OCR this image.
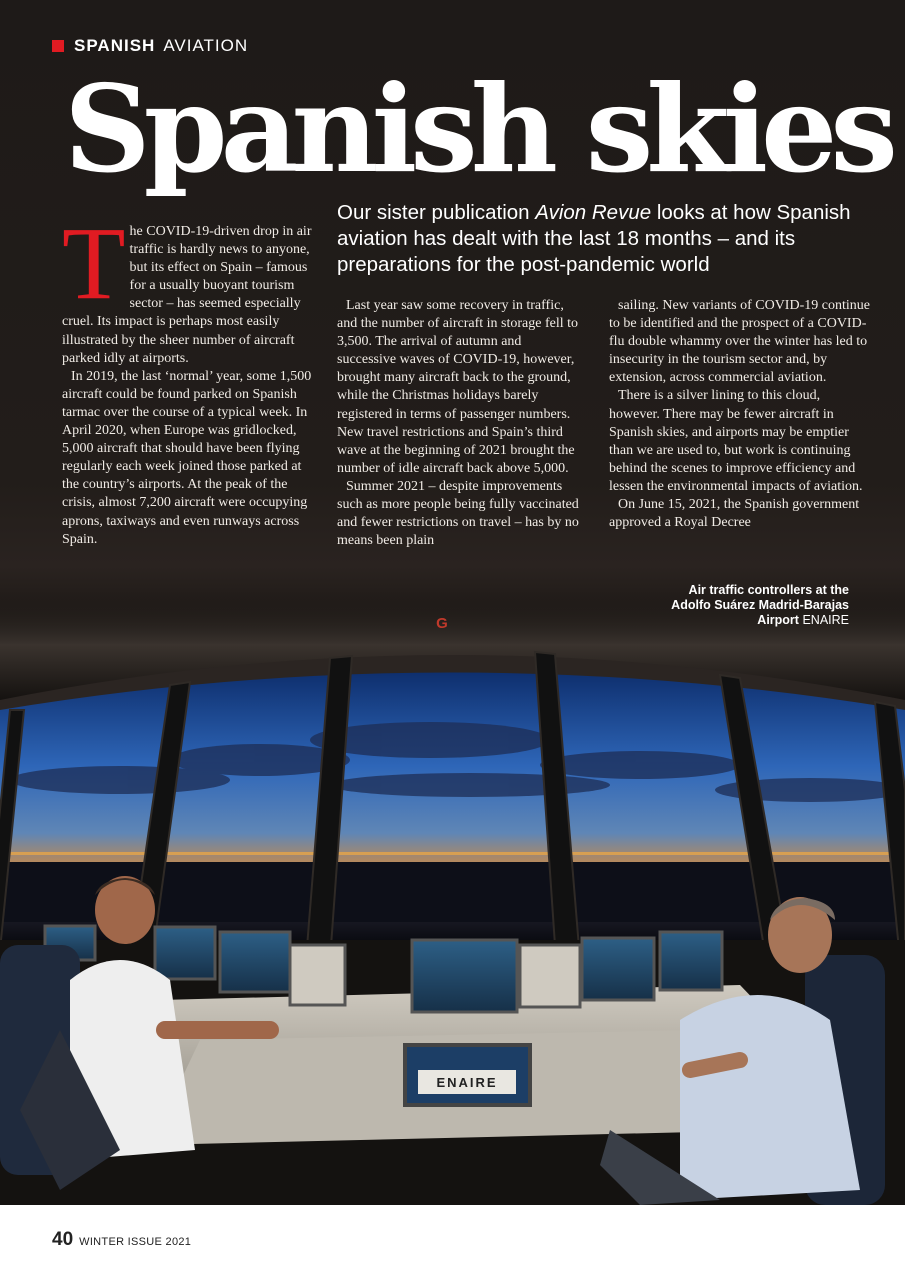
SPANISH AVIATION
Spanish skies
Our sister publication Avion Revue looks at how Spanish aviation has dealt with the last 18 months – and its preparations for the post-pandemic world

The COVID-19-driven drop in air traffic is hardly news to anyone, but its effect on Spain – famous for a usually buoyant tourism sector – has seemed especially cruel. Its impact is perhaps most easily illustrated by the sheer number of aircraft parked idly at airports.

In 2019, the last ‘normal’ year, some 1,500 aircraft could be found parked on Spanish tarmac over the course of a typical week. In April 2020, when Europe was gridlocked, 5,000 aircraft that should have been flying regularly each week joined those parked at the country’s airports. At the peak of the crisis, almost 7,200 aircraft were occupying aprons, taxiways and even runways across Spain.

Last year saw some recovery in traffic, and the number of aircraft in storage fell to 3,500. The arrival of autumn and successive waves of COVID-19, however, brought many aircraft back to the ground, while the Christmas holidays barely registered in terms of passenger numbers. New travel restrictions and Spain’s third wave at the beginning of 2021 brought the number of idle aircraft back above 5,000.

Summer 2021 – despite improvements such as more people being fully vaccinated and fewer restrictions on travel – has by no means been plain

sailing. New variants of COVID-19 continue to be identified and the prospect of a COVID-flu double whammy over the winter has led to insecurity in the tourism sector and, by extension, across commercial aviation.

There is a silver lining to this cloud, however. There may be fewer aircraft in Spanish skies, and airports may be emptier than we are used to, but work is continuing behind the scenes to improve efficiency and lessen the environmental impacts of aviation.

On June 15, 2021, the Spanish government approved a Royal Decree

G
ENAIRE
Air traffic controllers at the Adolfo Suárez Madrid-Barajas Airport ENAIRE
40 WINTER ISSUE 2021
